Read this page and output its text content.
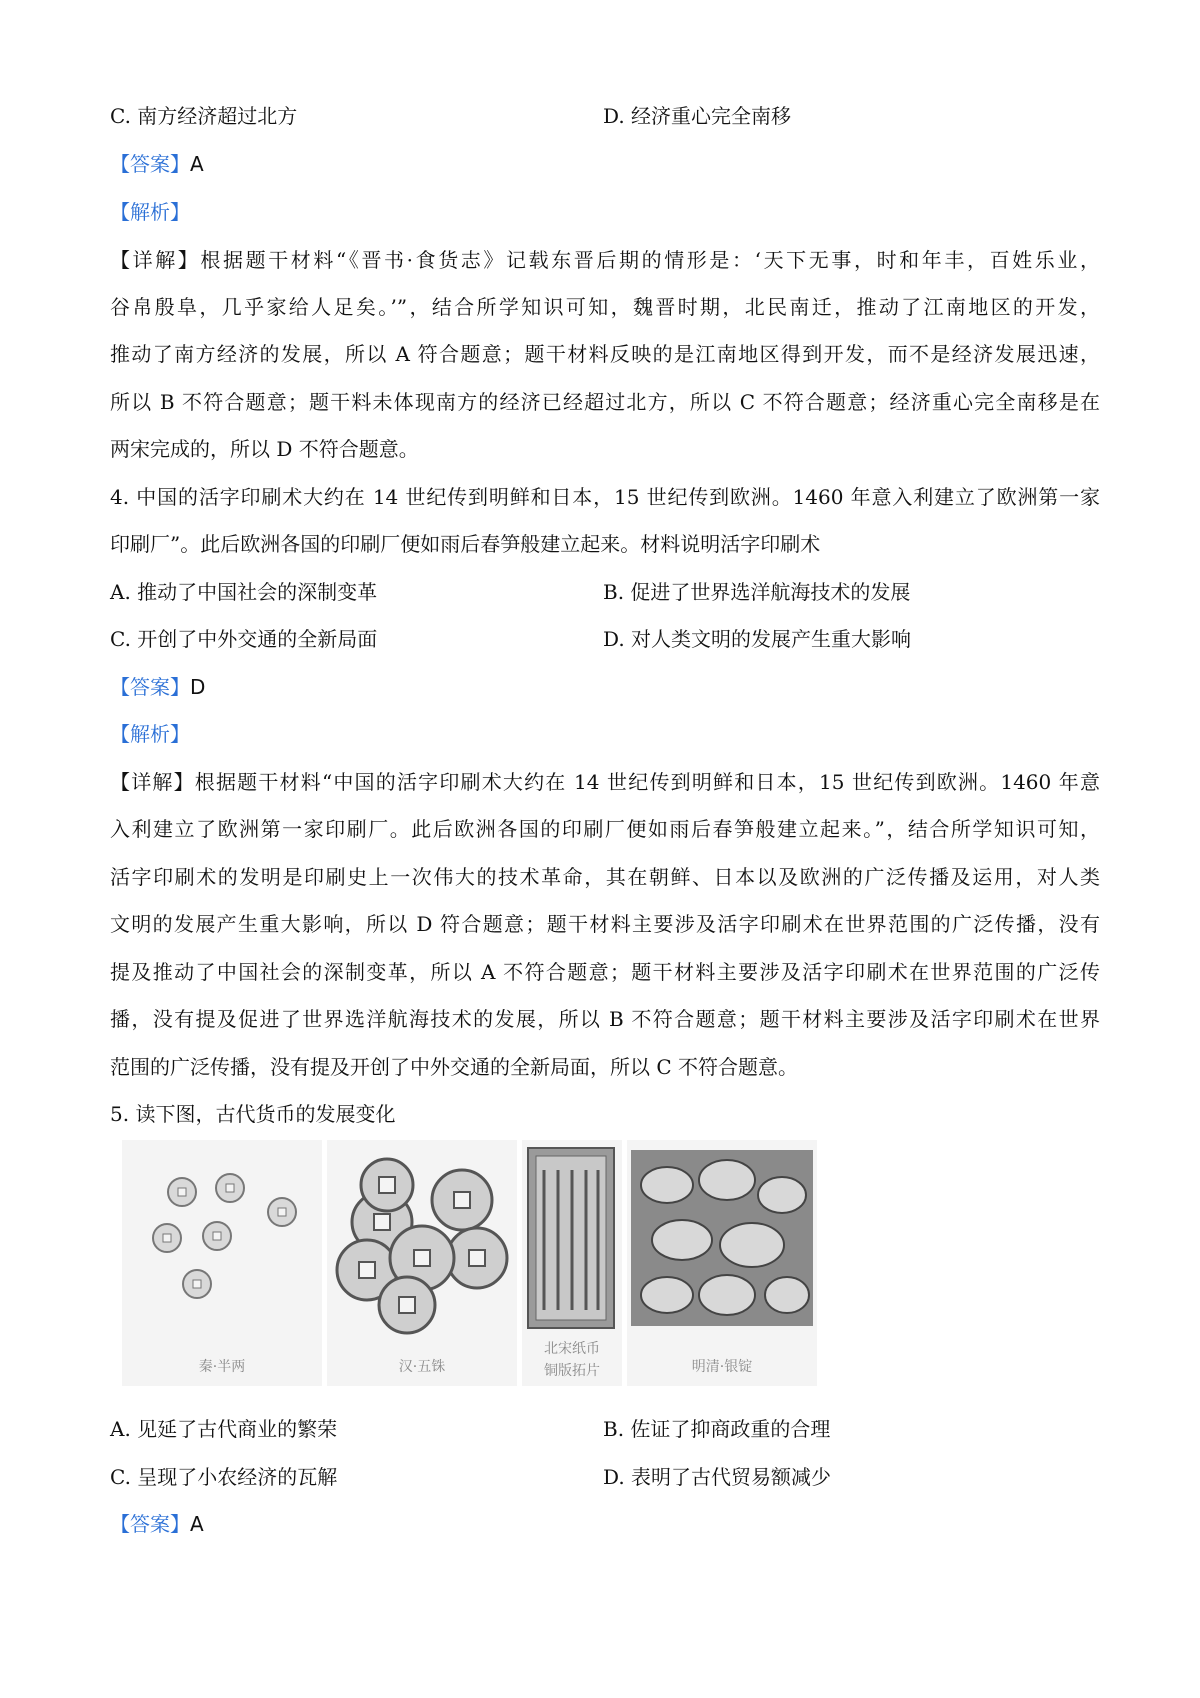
C. 南方经济超过北方	D. 经济重心完全南移
【答案】A
【解析】
【详解】根据题干材料“《晋书·食货志》记载东晋后期的情形是：‘天下无事，时和年丰，百姓乐业，
谷帛殷阜，几乎家给人足矣。’”，结合所学知识可知，魏晋时期，北民南迁，推动了江南地区的开发，
推动了南方经济的发展，所以 A 符合题意；题干材料反映的是江南地区得到开发，而不是经济发展迅速，
所以 B 不符合题意；题干料未体现南方的经济已经超过北方，所以 C 不符合题意；经济重心完全南移是在
两宋完成的，所以 D 不符合题意。
4. 中国的活字印刷术大约在 14 世纪传到明鲜和日本，15 世纪传到欧洲。1460 年意入利建立了欧洲第一家
印刷厂”。此后欧洲各国的印刷厂便如雨后春笋般建立起来。材料说明活字印刷术
A. 推动了中国社会的深制变革	B. 促进了世界选洋航海技术的发展
C. 开创了中外交通的全新局面	D. 对人类文明的发展产生重大影响
【答案】D
【解析】
【详解】根据题干材料“中国的活字印刷术大约在 14 世纪传到明鲜和日本，15 世纪传到欧洲。1460 年意
入利建立了欧洲第一家印刷厂。此后欧洲各国的印刷厂便如雨后春笋般建立起来。”，结合所学知识可知，
活字印刷术的发明是印刷史上一次伟大的技术革命，其在朝鲜、日本以及欧洲的广泛传播及运用，对人类
文明的发展产生重大影响，所以 D 符合题意；题干材料主要涉及活字印刷术在世界范围的广泛传播，没有
提及推动了中国社会的深制变革，所以 A 不符合题意；题干材料主要涉及活字印刷术在世界范围的广泛传
播，没有提及促进了世界选洋航海技术的发展，所以 B 不符合题意；题干材料主要涉及活字印刷术在世界
范围的广泛传播，没有提及开创了中外交通的全新局面，所以 C 不符合题意。
5. 读下图，古代货币的发展变化
秦·半两	汉·五铢
北宋纸币
铜版拓片	明清·银锭
A. 见延了古代商业的繁荣	B. 佐证了抑商政重的合理
C. 呈现了小农经济的瓦解	D. 表明了古代贸易额减少
【答案】A
